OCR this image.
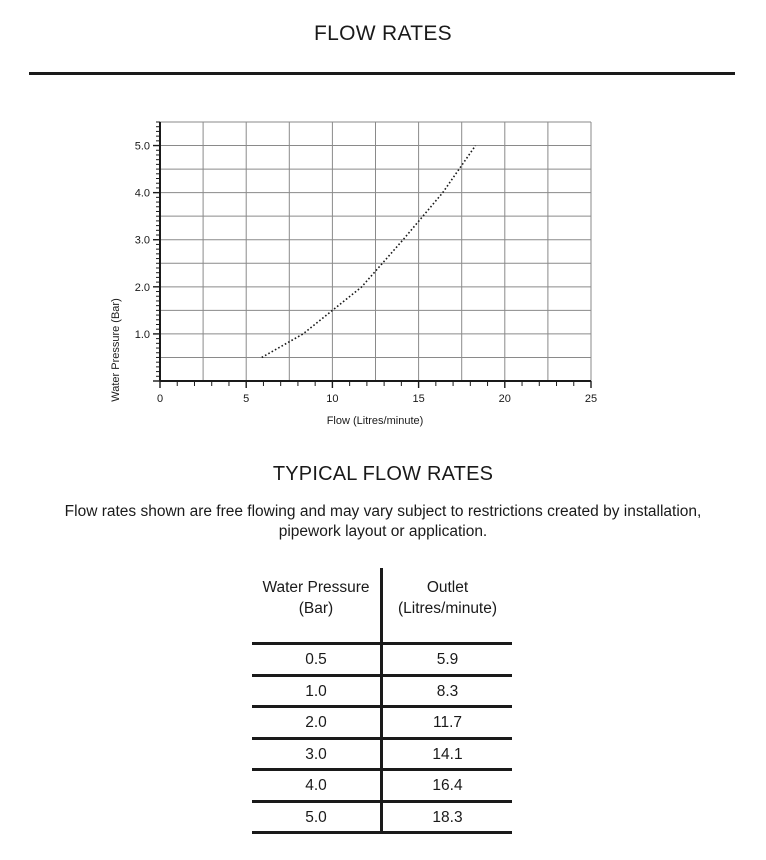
FLOW RATES
0	5	10	15	20	25
1.0
2.0
3.0
4.0
5.0
Flow (Litres/minute)
Water Pressure (Bar)
TYPICAL FLOW RATES
Flow rates shown are free flowing and may vary subject to restrictions created by installation, pipework layout or application.
Water Pressure
(Bar)
Outlet
(Litres/minute)
0.5	5.9
1.0	8.3
2.0	11.7
3.0	14.1
4.0	16.4
5.0	18.3
